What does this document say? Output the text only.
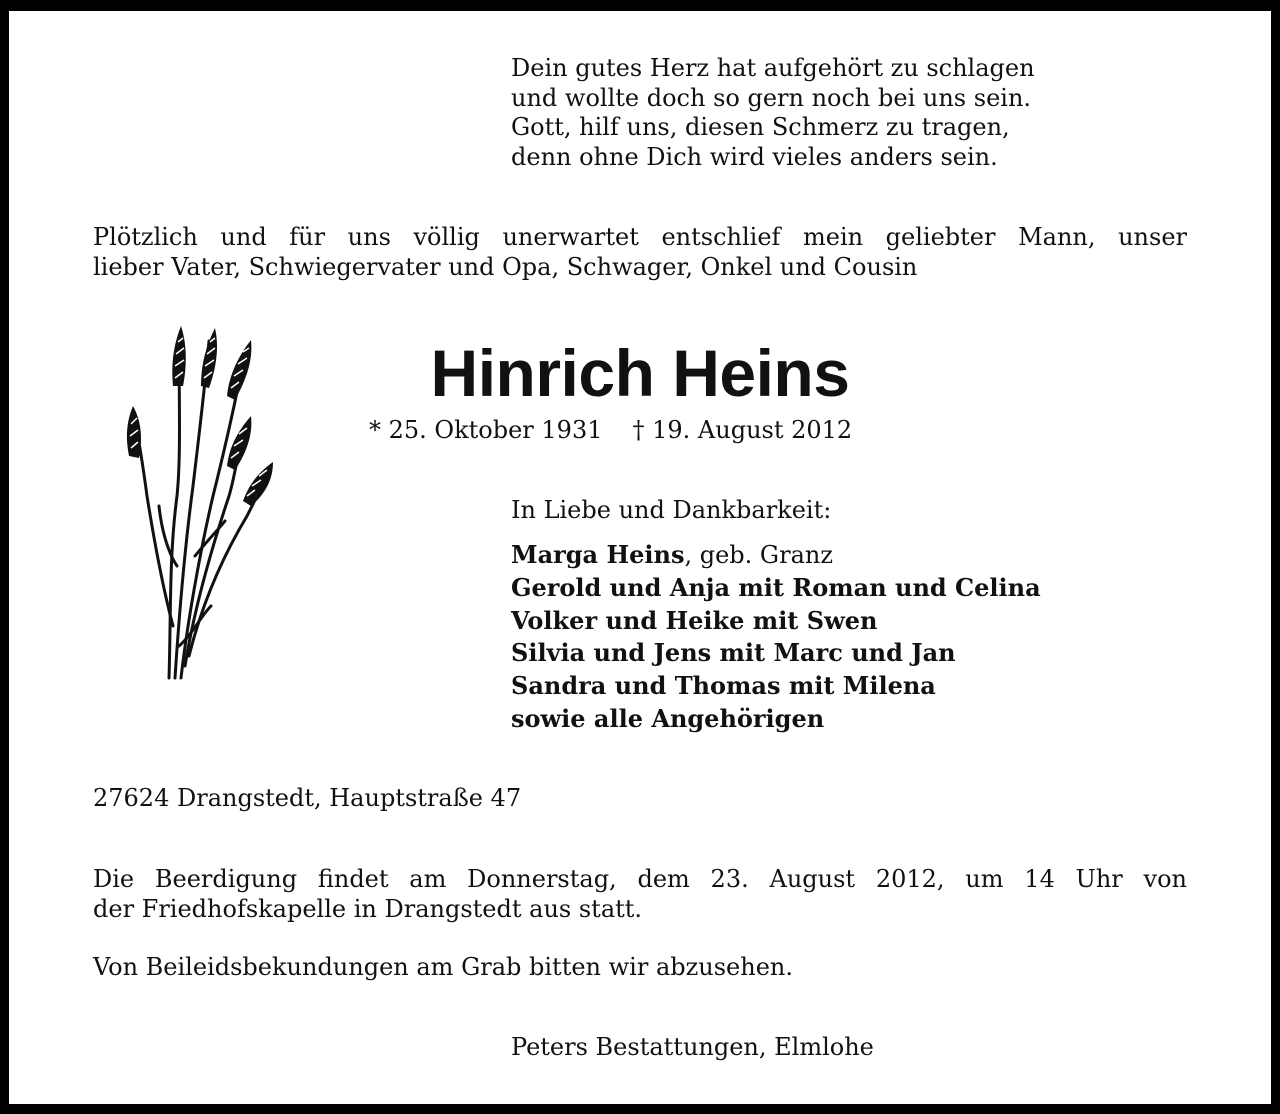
Dein gutes Herz hat aufgehört zu schlagen
und wollte doch so gern noch bei uns sein.
Gott, hilf uns, diesen Schmerz zu tragen,
denn ohne Dich wird vieles anders sein.
Plötzlich und für uns völlig unerwartet entschlief mein geliebter Mann, unser
lieber Vater, Schwiegervater und Opa, Schwager, Onkel und Cousin
Hinrich Heins
* 25. Oktober 1931 † 19. August 2012
In Liebe und Dankbarkeit:
Marga Heins, geb. Granz
Gerold und Anja mit Roman und Celina
Volker und Heike mit Swen
Silvia und Jens mit Marc und Jan
Sandra und Thomas mit Milena
sowie alle Angehörigen
27624 Drangstedt, Hauptstraße 47
Die Beerdigung findet am Donnerstag, dem 23. August 2012, um 14 Uhr von
der Friedhofskapelle in Drangstedt aus statt.
Von Beileidsbekundungen am Grab bitten wir abzusehen.
Peters Bestattungen, Elmlohe
